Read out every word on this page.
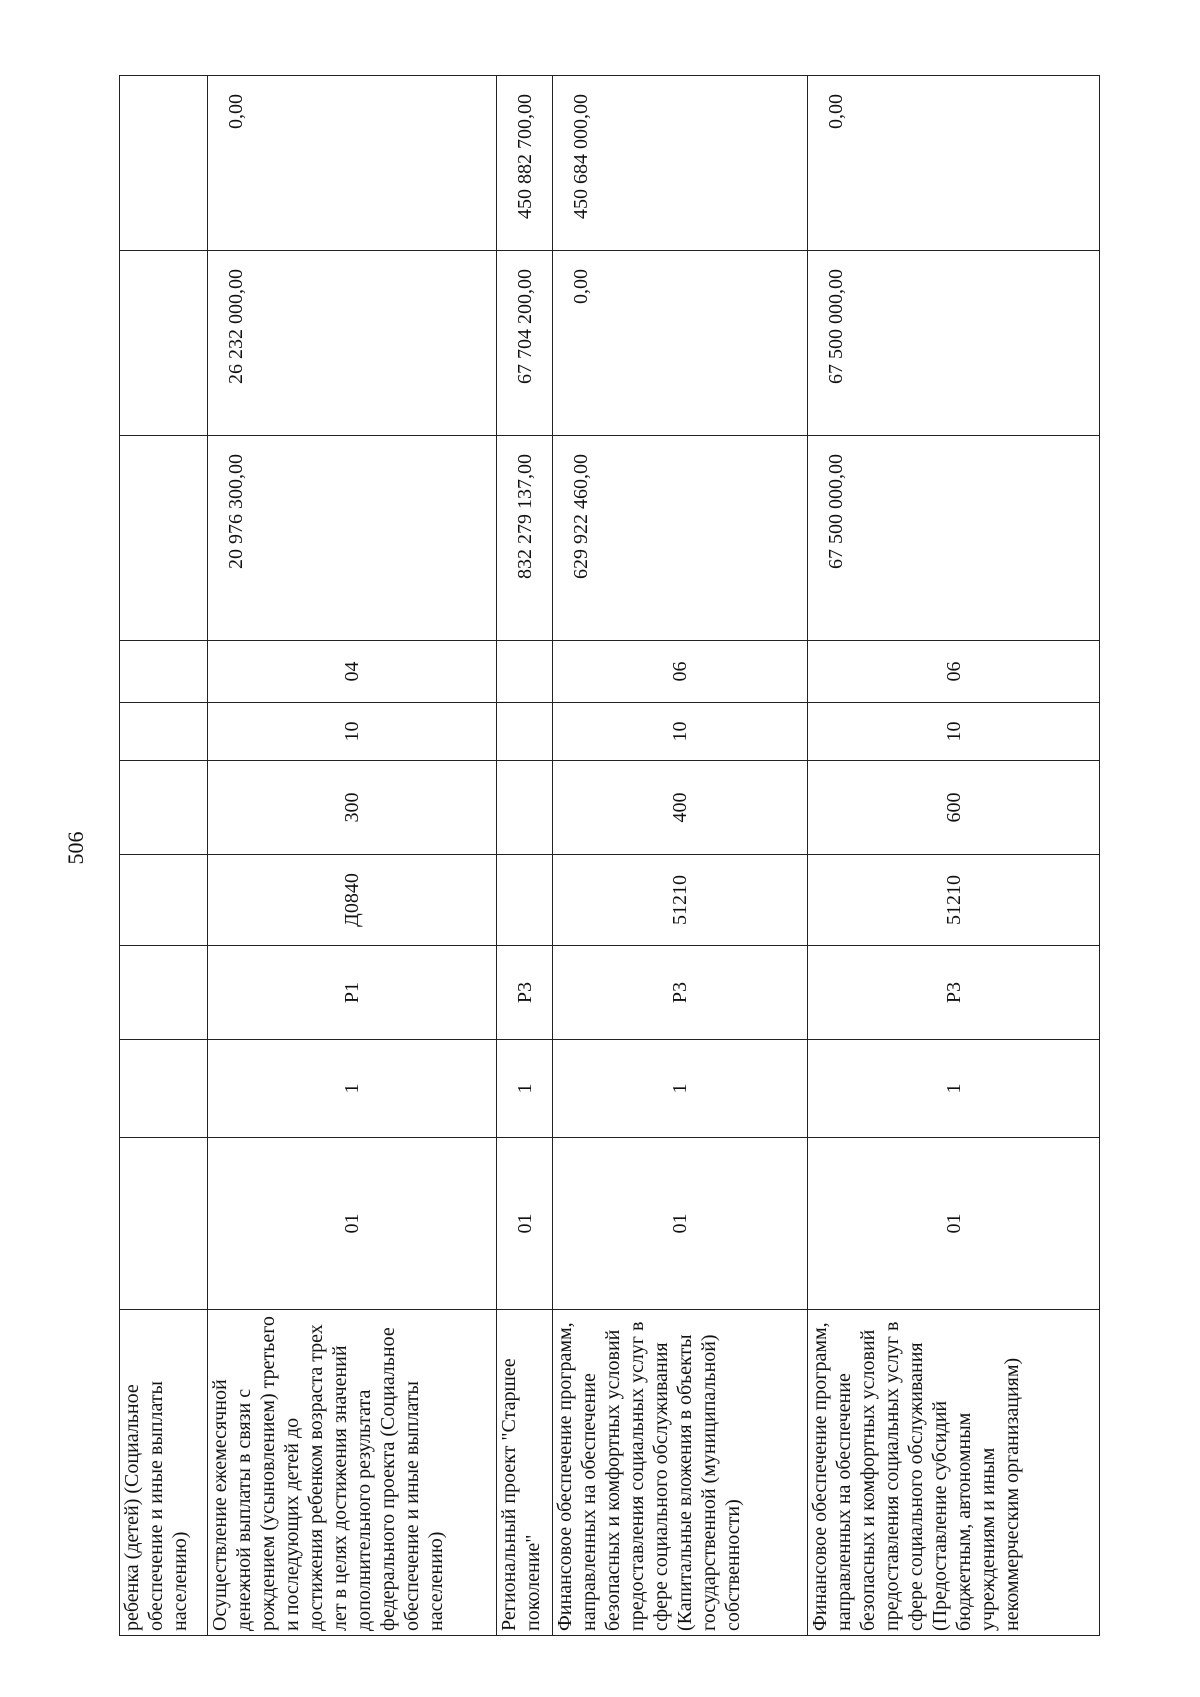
506
ребенка (детей) (Социальное обеспечение и иные выплаты населению)										

Осуществление ежемесячной денежной выплаты в связи с рождением (усыновлением) третьего и последующих детей до достижения ребенком возраста трех лет в целях достижения значений дополнительного результата федерального проекта (Социальное обеспечение и иные выплаты населению)	01	1	Р1	Д0840	300	10	04	20 976 300,00	26 232 000,00	0,00

Региональный проект "Старшее поколение"	01	1	Р3					832 279 137,00	67 704 200,00	450 882 700,00

Финансовое обеспечение программ, направленных на обеспечение безопасных и комфортных условий предоставления социальных услуг в сфере социального обслуживания (Капитальные вложения в объекты государственной (муниципальной) собственности)	01	1	Р3	51210	400	10	06	629 922 460,00	0,00	450 684 000,00

Финансовое обеспечение программ, направленных на обеспечение безопасных и комфортных условий предоставления социальных услуг в сфере социального обслуживания (Предоставление субсидий бюджетным, автономным учреждениям и иным некоммерческим организациям)	01	1	Р3	51210	600	10	06	67 500 000,00	67 500 000,00	0,00
